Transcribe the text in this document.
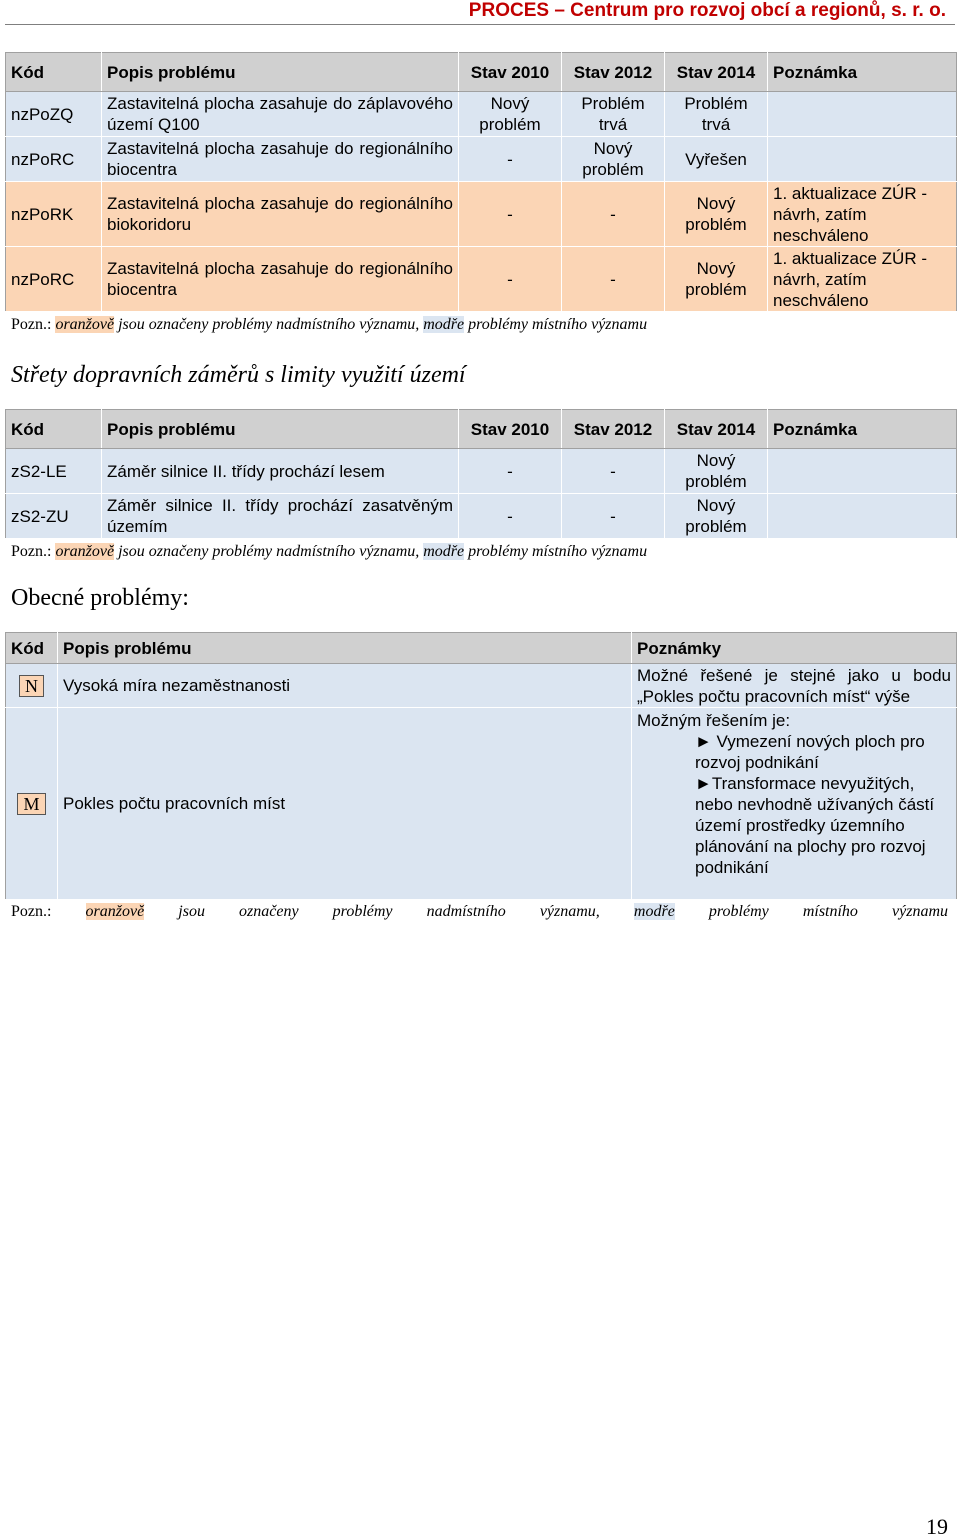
PROCES – Centrum pro rozvoj obcí a regionů, s. r. o.
Kód	Popis problému	Stav 2010	Stav 2012	Stav 2014	Poznámka
nzPoZQ	Zastavitelná plocha zasahuje do záplavového území Q100	Nový problém	Problém trvá	Problém trvá	
nzPoRC	Zastavitelná plocha zasahuje do regionálního biocentra	-	Nový problém	Vyřešen	
nzPoRK	Zastavitelná plocha zasahuje do regionálního biokoridoru	-	-	Nový problém	1. aktualizace ZÚR - návrh, zatím neschváleno
nzPoRC	Zastavitelná plocha zasahuje do regionálního biocentra	-	-	Nový problém	1. aktualizace ZÚR - návrh, zatím neschváleno
Pozn.: oranžově jsou označeny problémy nadmístního významu, modře problémy místního významu
Střety dopravních záměrů s limity využití území
Kód	Popis problému	Stav 2010	Stav 2012	Stav 2014	Poznámka
zS2-LE	Záměr silnice II. třídy prochází lesem	-	-	Nový problém	
zS2-ZU	Záměr silnice II. třídy prochází zasatvěným územím	-	-	Nový problém	
Pozn.: oranžově jsou označeny problémy nadmístního významu, modře problémy místního významu
Obecné problémy:
Kód	Popis problému	Poznámky
N	Vysoká míra nezaměstnanosti	Možné řešené je stejné jako u bodu „Pokles počtu pracovních míst“ výše
M	Pokles počtu pracovních míst	Možným řešením je:
► Vymezení nových ploch pro rozvoj podnikání
►Transformace nevyužitých, nebo nevhodně užívaných částí území prostředky územního plánování na plochy pro rozvoj podnikání
Pozn.: oranžově jsou označeny problémy nadmístního významu, modře problémy místního významu
19
